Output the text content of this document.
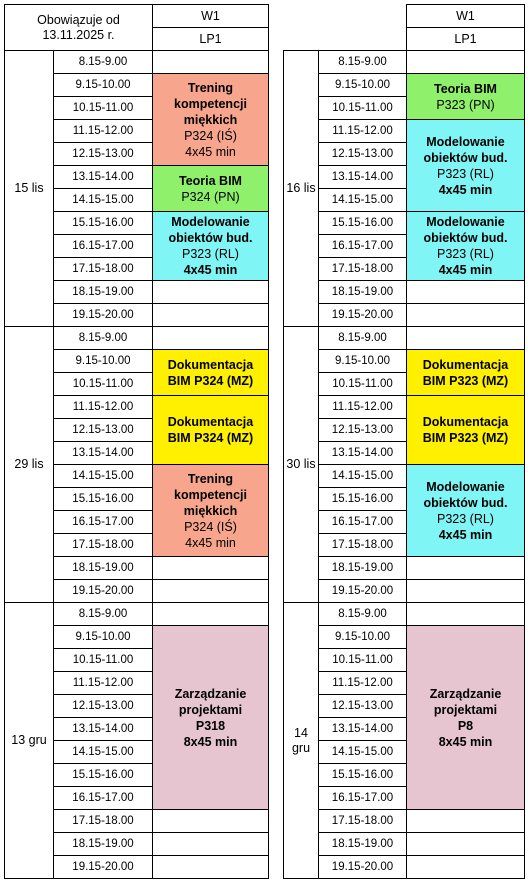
Obowiązuje od
13.11.2025 r.
W1
LP1
W1
LP1
15 lis	16 lis
8.15-9.00
9.15-10.00
10.15-11.00
11.15-12.00
12.15-13.00
13.15-14.00
14.15-15.00
15.15-16.00
16.15-17.00
17.15-18.00
18.15-19.00
19.15-20.00
8.15-9.00
9.15-10.00
10.15-11.00
11.15-12.00
12.15-13.00
13.15-14.00
14.15-15.00
15.15-16.00
16.15-17.00
17.15-18.00
18.15-19.00
19.15-20.00
Trening
kompetencji
miękkich
P324 (IŚ)
4x45 min
Teoria BIM
P324 (PN)
Modelowanie
obiektów bud.
P323 (RL)
4x45 min
Teoria BIM
P323 (PN)
Modelowanie
obiektów bud.
P323 (RL)
4x45 min
Modelowanie
obiektów bud.
P323 (RL)
4x45 min
29 lis	30 lis
8.15-9.00
9.15-10.00
10.15-11.00
11.15-12.00
12.15-13.00
13.15-14.00
14.15-15.00
15.15-16.00
16.15-17.00
17.15-18.00
18.15-19.00
19.15-20.00
8.15-9.00
9.15-10.00
10.15-11.00
11.15-12.00
12.15-13.00
13.15-14.00
14.15-15.00
15.15-16.00
16.15-17.00
17.15-18.00
18.15-19.00
19.15-20.00
Dokumentacja
BIM P324 (MZ)
Dokumentacja
BIM P324 (MZ)
Trening
kompetencji
miękkich
P324 (IŚ)
4x45 min
Dokumentacja
BIM P323 (MZ)
Dokumentacja
BIM P323 (MZ)
Modelowanie
obiektów bud.
P323 (RL)
4x45 min
13 gru
14 gru
8.15-9.00
9.15-10.00
10.15-11.00
11.15-12.00
12.15-13.00
13.15-14.00
14.15-15.00
15.15-16.00
16.15-17.00
17.15-18.00
18.15-19.00
19.15-20.00
8.15-9.00
9.15-10.00
10.15-11.00
11.15-12.00
12.15-13.00
13.15-14.00
14.15-15.00
15.15-16.00
16.15-17.00
17.15-18.00
18.15-19.00
19.15-20.00
Zarządzanie
projektami
P318
8x45 min
Zarządzanie
projektami
P8
8x45 min
